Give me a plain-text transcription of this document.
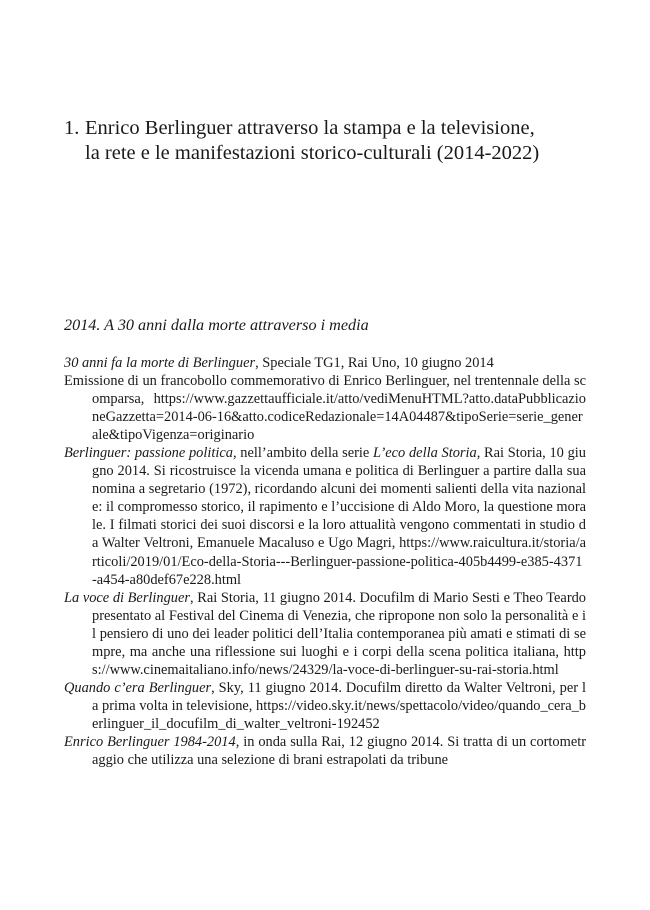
1. Enrico Berlinguer attraverso la stampa e la televisione,
la rete e le manifestazioni storico-culturali (2014-2022)
2014. A 30 anni dalla morte attraverso i media

30 anni fa la morte di Berlinguer, Speciale TG1, Rai Uno, 10 giugno 2014

Emissione di un francobollo commemorativo di Enrico Berlinguer, nel trentennale della scomparsa, https://www.gazzettaufficiale.it/atto/vediMenuHTML?atto.dataPubblicazioneGazzetta=2014-06-16&atto.codiceRedazionale=14A04487&tipoSerie=serie_generale&tipoVigenza=originario

Berlinguer: passione politica, nell’ambito della serie L’eco della Storia, Rai Storia, 10 giugno 2014. Si ricostruisce la vicenda umana e politica di Berlinguer a partire dalla sua nomina a segretario (1972), ricordando alcuni dei momenti salienti della vita nazionale: il compromesso storico, il rapimento e l’uccisione di Aldo Moro, la questione morale. I filmati storici dei suoi discorsi e la loro attualità vengono commentati in studio da Walter Veltroni, Emanuele Macaluso e Ugo Magri, https://www.raicultura.it/storia/articoli/2019/01/Eco-della-Storia---Berlinguer-passione-politica-405b4499-e385-4371-a454-a80def67e228.html

La voce di Berlinguer, Rai Storia, 11 giugno 2014. Docufilm di Mario Sesti e Theo Teardo presentato al Festival del Cinema di Venezia, che ripropone non solo la personalità e il pensiero di uno dei leader politici dell’Italia contemporanea più amati e stimati di sempre, ma anche una riflessione sui luoghi e i corpi della scena politica italiana, https://www.cinemaitaliano.info/news/24329/la-voce-di-berlinguer-su-rai-storia.html

Quando c’era Berlinguer, Sky, 11 giugno 2014. Docufilm diretto da Walter Veltroni, per la prima volta in televisione, https://video.sky.it/news/spettacolo/video/quando_cera_berlinguer_il_docufilm_di_walter_veltroni-192452

Enrico Berlinguer 1984-2014, in onda sulla Rai, 12 giugno 2014. Si tratta di un cortometraggio che utilizza una selezione di brani estrapolati da tribune
